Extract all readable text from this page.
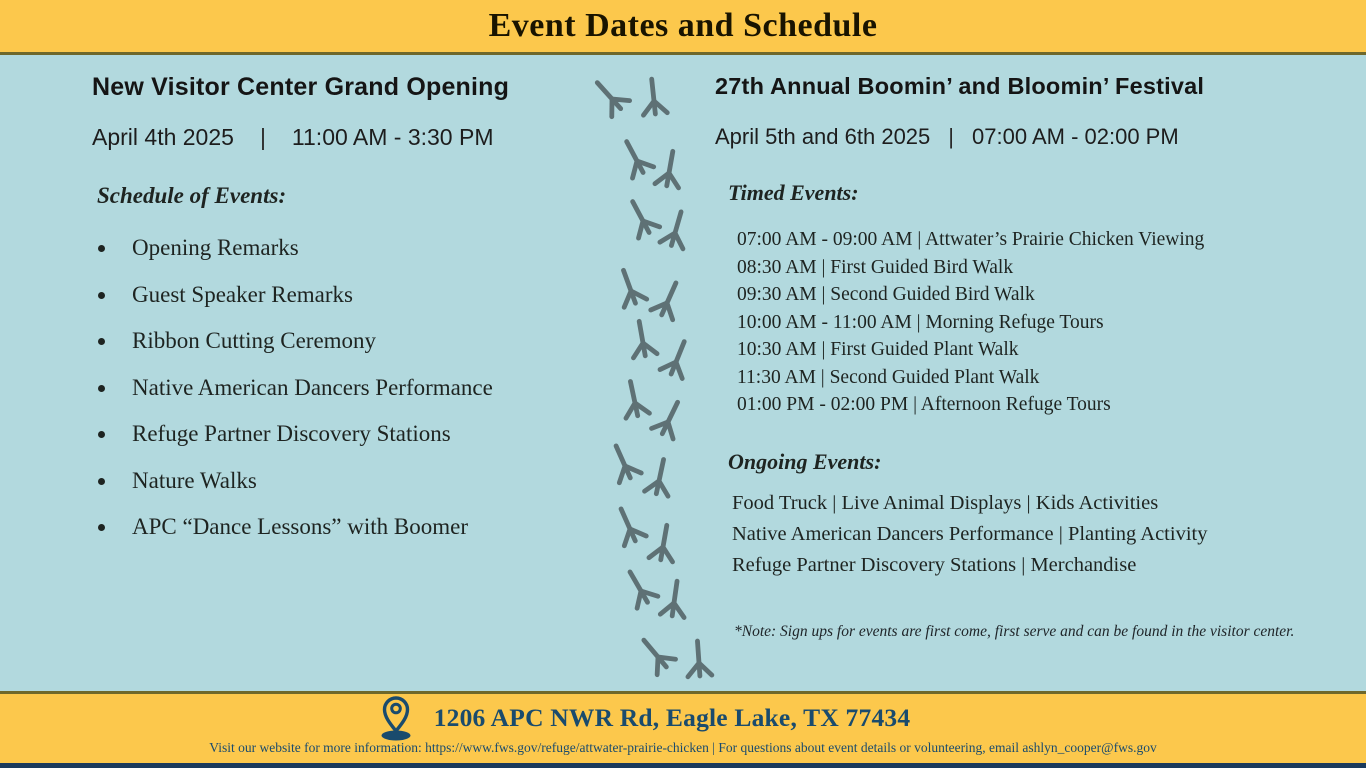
Event Dates and Schedule
New Visitor Center Grand Opening
April 4th 2025 | 11:00 AM - 3:30 PM
Schedule of Events:
• Opening Remarks
• Guest Speaker Remarks
• Ribbon Cutting Ceremony
• Native American Dancers Performance
• Refuge Partner Discovery Stations
• Nature Walks
• APC “Dance Lessons” with Boomer
27th Annual Boomin’ and Bloomin’ Festival
April 5th and 6th 2025 | 07:00 AM - 02:00 PM
Timed Events:
07:00 AM - 09:00 AM | Attwater’s Prairie Chicken Viewing
08:30 AM | First Guided Bird Walk
09:30 AM | Second Guided Bird Walk
10:00 AM - 11:00 AM | Morning Refuge Tours
10:30 AM | First Guided Plant Walk
11:30 AM | Second Guided Plant Walk
01:00 PM - 02:00 PM | Afternoon Refuge Tours
Ongoing Events:
Food Truck | Live Animal Displays | Kids Activities
Native American Dancers Performance | Planting Activity
Refuge Partner Discovery Stations | Merchandise
*Note: Sign ups for events are first come, first serve and can be found in the visitor center.
1206 APC NWR Rd, Eagle Lake, TX 77434
Visit our website for more information: https://www.fws.gov/refuge/attwater-prairie-chicken | For questions about event details or volunteering, email ashlyn_cooper@fws.gov
